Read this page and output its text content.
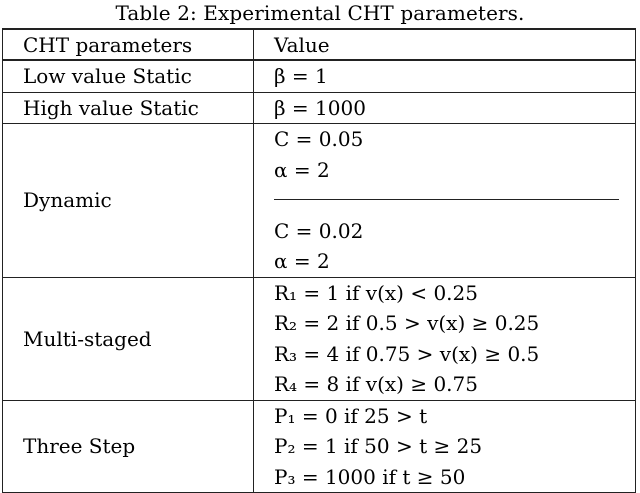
Table 2: Experimental CHT parameters.
CHT parameters	Value
Low value Static	β = 1

High value Static	β = 1000

Dynamic	C = 0.05
α = 2
C = 0.02
α = 2

Multi-staged	R₁ = 1 if v(x) < 0.25
R₂ = 2 if 0.5 > v(x) ≥ 0.25
R₃ = 4 if 0.75 > v(x) ≥ 0.5
R₄ = 8 if v(x) ≥ 0.75

Three Step	P₁ = 0 if 25 > t
P₂ = 1 if 50 > t ≥ 25
P₃ = 1000 if t ≥ 50
